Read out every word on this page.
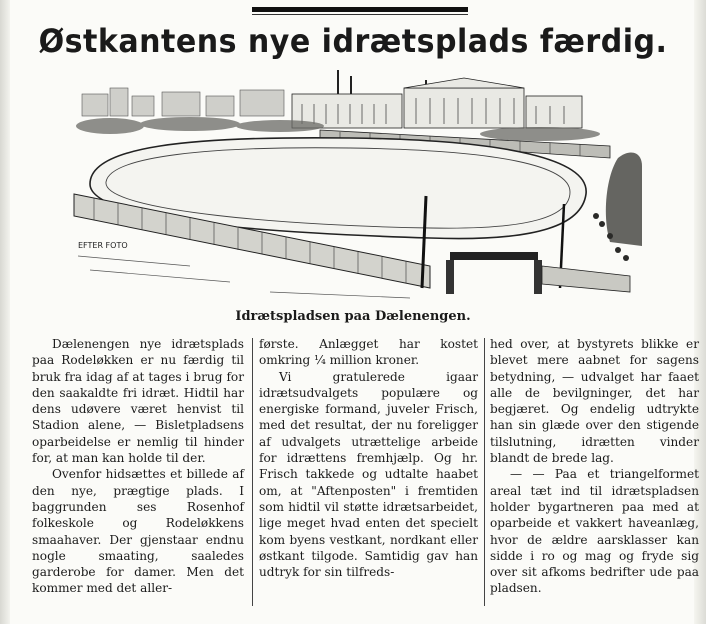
Østkantens nye idrætsplads færdig.
EFTER FOTO
Idrætspladsen paa Dælenengen.

Dælenengen nye idrætsplads paa Rodeløkken er nu færdig til bruk fra idag af at tages i brug for den saakaldte fri idræt. Hidtil har dens udøvere været henvist til Stadion alene, — Bisletpladsens oparbeidelse er nemlig til hinder for, at man kan holde til der.

Ovenfor hidsættes et billede af den nye, prægtige plads. I baggrunden ses Rosenhof folkeskole og Rodeløkkens smaahaver. Der gjenstaar endnu nogle smaating, saaledes garderobe for damer. Men det kommer med det aller-

første. Anlægget har kostet omkring ¼ million kroner.

Vi gratulerede igaar idrætsudvalgets populære og energiske formand, juveler Frisch, med det resultat, der nu foreligger af udvalgets utrættelige arbeide for idrættens fremhjælp. Og hr. Frisch takkede og udtalte haabet om, at "Aftenposten" i fremtiden som hidtil vil støtte idrætsarbeidet, lige meget hvad enten det specielt kom byens vestkant, nordkant eller østkant tilgode. Samtidig gav han udtryk for sin tilfreds-

hed over, at bystyrets blikke er blevet mere aabnet for sagens betydning, — udvalget har faaet alle de bevilgninger, det har begjæret. Og endelig udtrykte han sin glæde over den stigende tilslutning, idrætten vinder blandt de brede lag.

— — Paa et triangelformet areal tæt ind til idrætspladsen holder bygartneren paa med at oparbeide et vakkert haveanlæg, hvor de ældre aarsklasser kan sidde i ro og mag og fryde sig over sit afkoms bedrifter ude paa pladsen.
